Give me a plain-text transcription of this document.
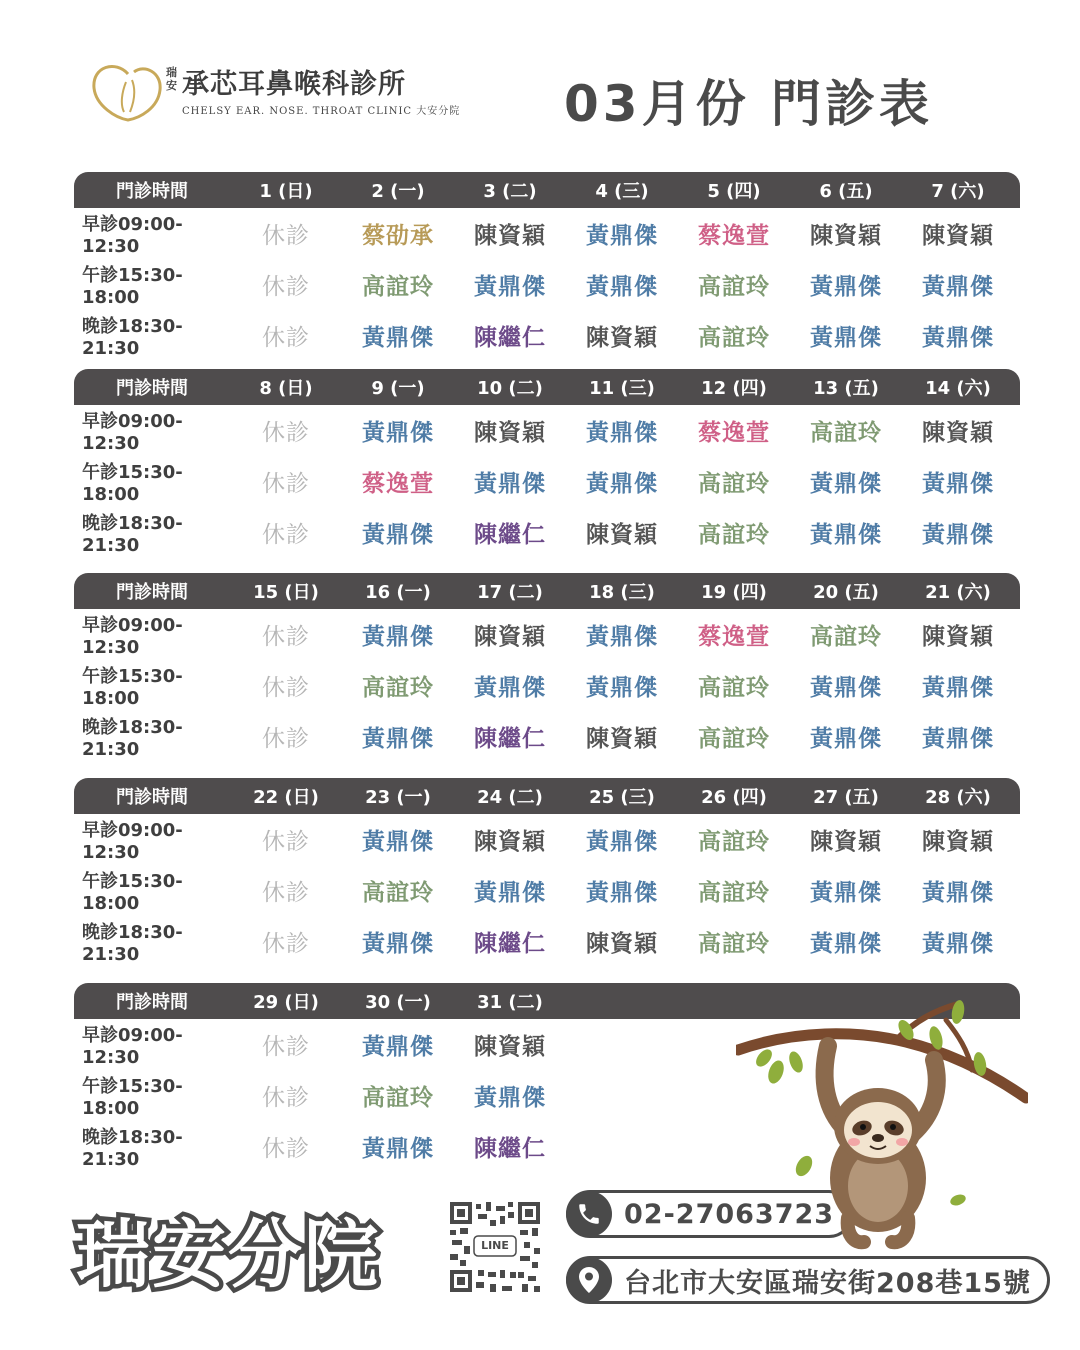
瑞安 承芯耳鼻喉科診所
CHELSY EAR. NOSE. THROAT CLINIC 大安分院 03月份 門診表
門診時間	1 (日)	2 (一)	3 (二)	4 (三)	5 (四)	6 (五)	7 (六)
早診09:00-12:30	休診	蔡劭承	陳資穎	黃鼎傑	蔡逸萱	陳資穎	陳資穎
午診15:30-18:00	休診	高誼玲	黃鼎傑	黃鼎傑	高誼玲	黃鼎傑	黃鼎傑
晚診18:30-21:30	休診	黃鼎傑	陳繼仁	陳資穎	高誼玲	黃鼎傑	黃鼎傑
門診時間	8 (日)	9 (一)	10 (二)	11 (三)	12 (四)	13 (五)	14 (六)
早診09:00-12:30	休診	黃鼎傑	陳資穎	黃鼎傑	蔡逸萱	高誼玲	陳資穎
午診15:30-18:00	休診	蔡逸萱	黃鼎傑	黃鼎傑	高誼玲	黃鼎傑	黃鼎傑
晚診18:30-21:30	休診	黃鼎傑	陳繼仁	陳資穎	高誼玲	黃鼎傑	黃鼎傑
門診時間	15 (日)	16 (一)	17 (二)	18 (三)	19 (四)	20 (五)	21 (六)
早診09:00-12:30	休診	黃鼎傑	陳資穎	黃鼎傑	蔡逸萱	高誼玲	陳資穎
午診15:30-18:00	休診	高誼玲	黃鼎傑	黃鼎傑	高誼玲	黃鼎傑	黃鼎傑
晚診18:30-21:30	休診	黃鼎傑	陳繼仁	陳資穎	高誼玲	黃鼎傑	黃鼎傑
門診時間	22 (日)	23 (一)	24 (二)	25 (三)	26 (四)	27 (五)	28 (六)
早診09:00-12:30	休診	黃鼎傑	陳資穎	黃鼎傑	高誼玲	陳資穎	陳資穎
午診15:30-18:00	休診	高誼玲	黃鼎傑	黃鼎傑	高誼玲	黃鼎傑	黃鼎傑
晚診18:30-21:30	休診	黃鼎傑	陳繼仁	陳資穎	高誼玲	黃鼎傑	黃鼎傑
門診時間	29 (日)	30 (一)	31 (二)
早診09:00-12:30	休診	黃鼎傑	陳資穎
午診15:30-18:00	休診	高誼玲	黃鼎傑
晚診18:30-21:30	休診	黃鼎傑	陳繼仁
瑞安分院	LINE
02-27063723
台北市大安區瑞安街208巷15號
